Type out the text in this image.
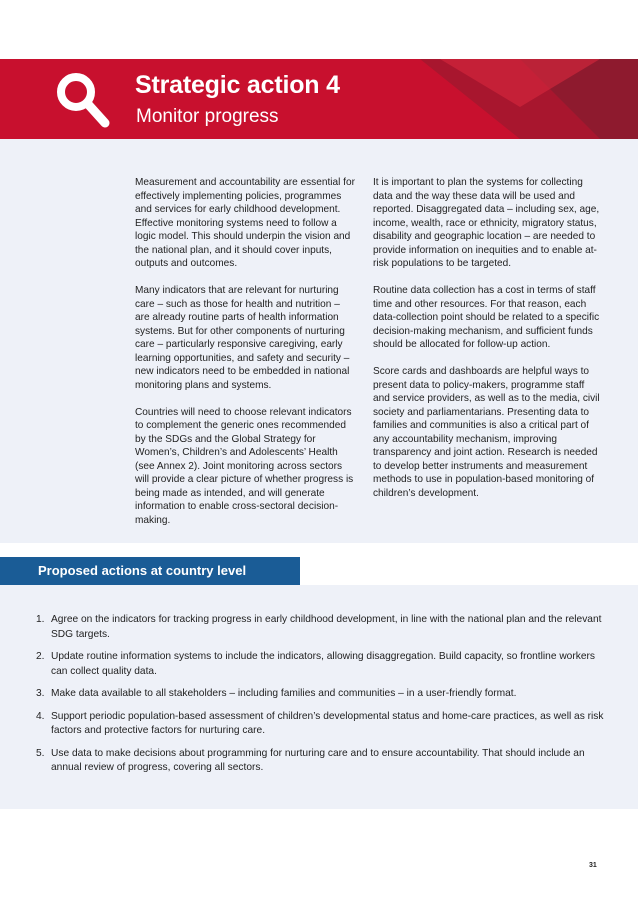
Strategic action 4
Monitor progress

Measurement and accountability are essential for effectively implementing policies, programmes and services for early childhood development. Effective monitoring systems need to follow a logic model. This should underpin the vision and the national plan, and it should cover inputs, outputs and outcomes.

Many indicators that are relevant for nurturing care – such as those for health and nutrition – are already routine parts of health information systems. But for other components of nurturing care – particularly responsive caregiving, early learning opportunities, and safety and security – new indicators need to be embedded in national monitoring plans and systems.

Countries will need to choose relevant indicators to complement the generic ones recommended by the SDGs and the Global Strategy for Women’s, Children’s and Adolescents’ Health (see Annex 2). Joint monitoring across sectors will provide a clear picture of whether progress is being made as intended, and will generate information to enable cross-sectoral decision-making.

It is important to plan the systems for collecting data and the way these data will be used and reported. Disaggregated data – including sex, age, income, wealth, race or ethnicity, migratory status, disability and geographic location – are needed to provide information on inequities and to enable at-risk populations to be targeted.

Routine data collection has a cost in terms of staff time and other resources. For that reason, each data-collection point should be related to a specific decision-making mechanism, and sufficient funds should be allocated for follow-up action.

Score cards and dashboards are helpful ways to present data to policy-makers, programme staff and service providers, as well as to the media, civil society and parliamentarians. Presenting data to families and communities is also a critical part of any accountability mechanism, improving transparency and joint action. Research is needed to develop better instruments and measurement methods to use in population-based monitoring of children’s development.

Proposed actions at country level
1. Agree on the indicators for tracking progress in early childhood development, in line with the national plan and the relevant SDG targets.
2. Update routine information systems to include the indicators, allowing disaggregation. Build capacity, so frontline workers can collect quality data.
3. Make data available to all stakeholders – including families and communities – in a user-friendly format.
4. Support periodic population-based assessment of children’s developmental status and home-care practices, as well as risk factors and protective factors for nurturing care.
5. Use data to make decisions about programming for nurturing care and to ensure accountability. That should include an annual review of progress, covering all sectors.
31
